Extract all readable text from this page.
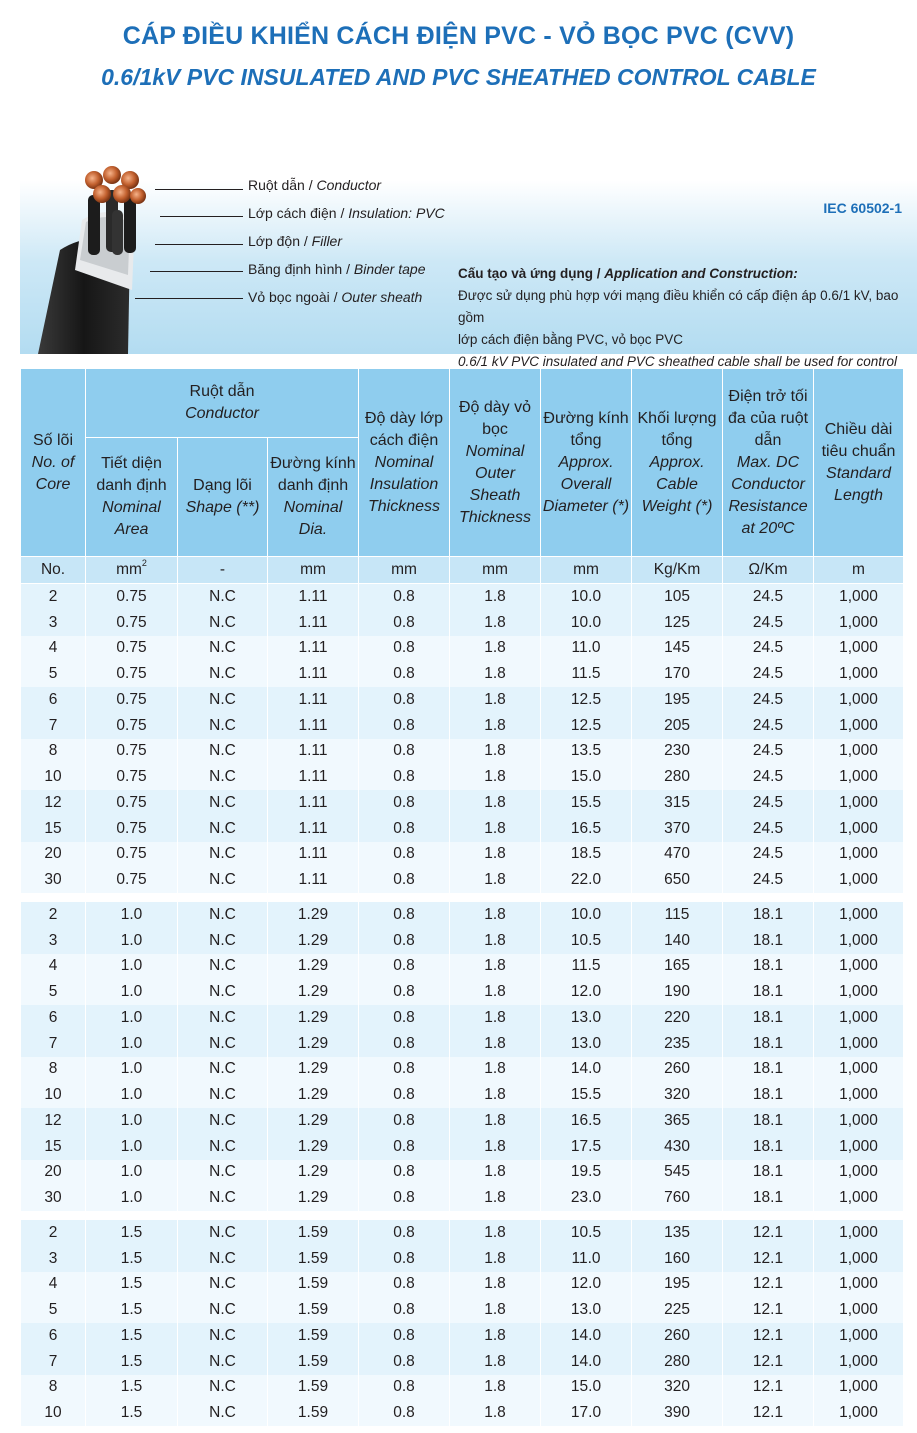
CÁP ĐIỀU KHIỂN CÁCH ĐIỆN PVC - VỎ BỌC PVC (CVV)
0.6/1kV PVC INSULATED AND PVC SHEATHED CONTROL CABLE
Ruột dẫn / Conductor
Lớp cách điện / Insulation: PVC
Lớp độn / Filler
Băng định hình / Binder tape
Vỏ bọc ngoài / Outer sheath
IEC 60502-1
Cấu tạo và ứng dụng / Application and Construction:
Được sử dụng phù hợp với mạng điều khiển có cấp điện áp 0.6/1 kV, bao gồm
lớp cách điện bằng PVC, vỏ bọc PVC
0.6/1 kV PVC insulated and PVC sheathed cable shall be used for control
Số lõi
No. of Core	Ruột dẫn
Conductor			Độ dày lớp cách điện
Nominal Insulation Thickness	Độ dày vỏ bọc
Nominal Outer Sheath Thickness	Đường kính tổng
Approx. Overall Diameter (*)	Khối lượng tổng
Approx. Cable Weight (*)	Điện trở tối đa của ruột dẫn
Max. DC Conductor Resistance at 20ºC	Chiều dài tiêu chuẩn
Standard Length

	Tiết diện danh định
Nominal Area	Dạng lõi
Shape (**)	Đường kính danh định
Nominal Dia.						

No.	$mm^2$	-	mm	mm	mm	mm	Kg/Km	Ω/Km	m
2	0.75	N.C	1.11	0.8	1.8	10.0	105	24.5	1,000
3	0.75	N.C	1.11	0.8	1.8	10.0	125	24.5	1,000
4	0.75	N.C	1.11	0.8	1.8	11.0	145	24.5	1,000
5	0.75	N.C	1.11	0.8	1.8	11.5	170	24.5	1,000
6	0.75	N.C	1.11	0.8	1.8	12.5	195	24.5	1,000
7	0.75	N.C	1.11	0.8	1.8	12.5	205	24.5	1,000
8	0.75	N.C	1.11	0.8	1.8	13.5	230	24.5	1,000
10	0.75	N.C	1.11	0.8	1.8	15.0	280	24.5	1,000
12	0.75	N.C	1.11	0.8	1.8	15.5	315	24.5	1,000
15	0.75	N.C	1.11	0.8	1.8	16.5	370	24.5	1,000
20	0.75	N.C	1.11	0.8	1.8	18.5	470	24.5	1,000
30	0.75	N.C	1.11	0.8	1.8	22.0	650	24.5	1,000

2	1.0	N.C	1.29	0.8	1.8	10.0	115	18.1	1,000
3	1.0	N.C	1.29	0.8	1.8	10.5	140	18.1	1,000
4	1.0	N.C	1.29	0.8	1.8	11.5	165	18.1	1,000
5	1.0	N.C	1.29	0.8	1.8	12.0	190	18.1	1,000
6	1.0	N.C	1.29	0.8	1.8	13.0	220	18.1	1,000
7	1.0	N.C	1.29	0.8	1.8	13.0	235	18.1	1,000
8	1.0	N.C	1.29	0.8	1.8	14.0	260	18.1	1,000
10	1.0	N.C	1.29	0.8	1.8	15.5	320	18.1	1,000
12	1.0	N.C	1.29	0.8	1.8	16.5	365	18.1	1,000
15	1.0	N.C	1.29	0.8	1.8	17.5	430	18.1	1,000
20	1.0	N.C	1.29	0.8	1.8	19.5	545	18.1	1,000
30	1.0	N.C	1.29	0.8	1.8	23.0	760	18.1	1,000

2	1.5	N.C	1.59	0.8	1.8	10.5	135	12.1	1,000
3	1.5	N.C	1.59	0.8	1.8	11.0	160	12.1	1,000
4	1.5	N.C	1.59	0.8	1.8	12.0	195	12.1	1,000
5	1.5	N.C	1.59	0.8	1.8	13.0	225	12.1	1,000
6	1.5	N.C	1.59	0.8	1.8	14.0	260	12.1	1,000
7	1.5	N.C	1.59	0.8	1.8	14.0	280	12.1	1,000
8	1.5	N.C	1.59	0.8	1.8	15.0	320	12.1	1,000
10	1.5	N.C	1.59	0.8	1.8	17.0	390	12.1	1,000
